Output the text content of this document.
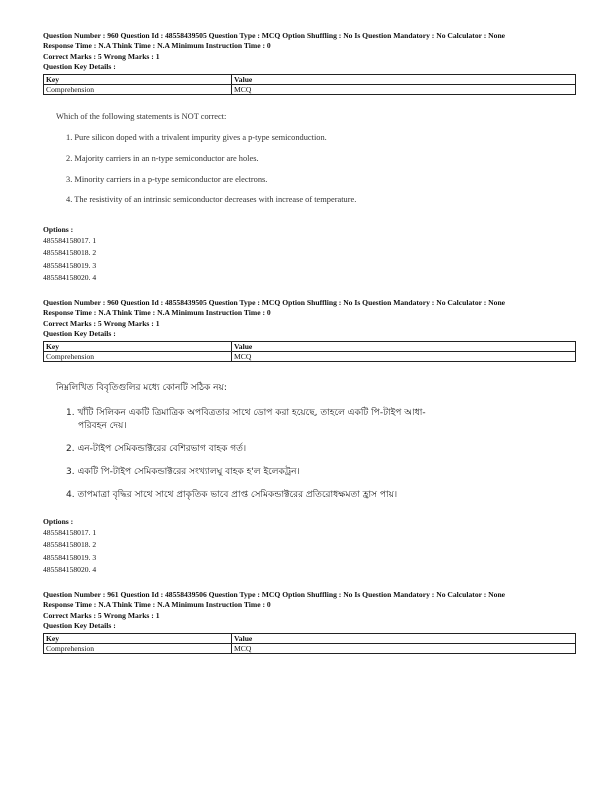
Question Number : 960 Question Id : 48558439505 Question Type : MCQ Option Shuffling : No Is Question Mandatory : No Calculator : None
Response Time : N.A Think Time : N.A Minimum Instruction Time : 0
Correct Marks : 5 Wrong Marks : 1
Question Key Details :
Key	Value
Comprehension	MCQ
Which of the following statements is NOT correct:
1. Pure silicon doped with a trivalent impurity gives a p-type semiconduction.
2. Majority carriers in an n-type semiconductor are holes.
3. Minority carriers in a p-type semiconductor are electrons.
4. The resistivity of an intrinsic semiconductor decreases with increase of temperature.
Options :
485584158017. 1
485584158018. 2
485584158019. 3
485584158020. 4
Question Number : 960 Question Id : 48558439505 Question Type : MCQ Option Shuffling : No Is Question Mandatory : No Calculator : None
Response Time : N.A Think Time : N.A Minimum Instruction Time : 0
Correct Marks : 5 Wrong Marks : 1
Question Key Details :
Key	Value
Comprehension	MCQ
নিম্নলিখিত বিবৃতিগুলির মধ্যে কোনটি সঠিক নয়:
1. খাঁটি সিলিকন একটি ত্রিমাত্রিক অপবিত্রতার সাথে ডোপ করা হয়েছে, তাহলে একটি পি-টাইপ আধা-
পরিবহন দেয়।
2. এন-টাইপ সেমিকন্ডাক্টরের বেশিরভাগ বাহক গর্ত।
3. একটি পি-টাইপ সেমিকন্ডাক্টরের সংখ্যালঘু বাহক হ'ল ইলেকট্রন।
4. তাপমাত্রা বৃদ্ধির সাথে সাথে প্রাকৃতিক ভাবে প্রাপ্ত সেমিকন্ডাক্টরের প্রতিরোধক্ষমতা হ্রাস পায়।
Options :
485584158017. 1
485584158018. 2
485584158019. 3
485584158020. 4
Question Number : 961 Question Id : 48558439506 Question Type : MCQ Option Shuffling : No Is Question Mandatory : No Calculator : None
Response Time : N.A Think Time : N.A Minimum Instruction Time : 0
Correct Marks : 5 Wrong Marks : 1
Question Key Details :
Key	Value
Comprehension	MCQ
